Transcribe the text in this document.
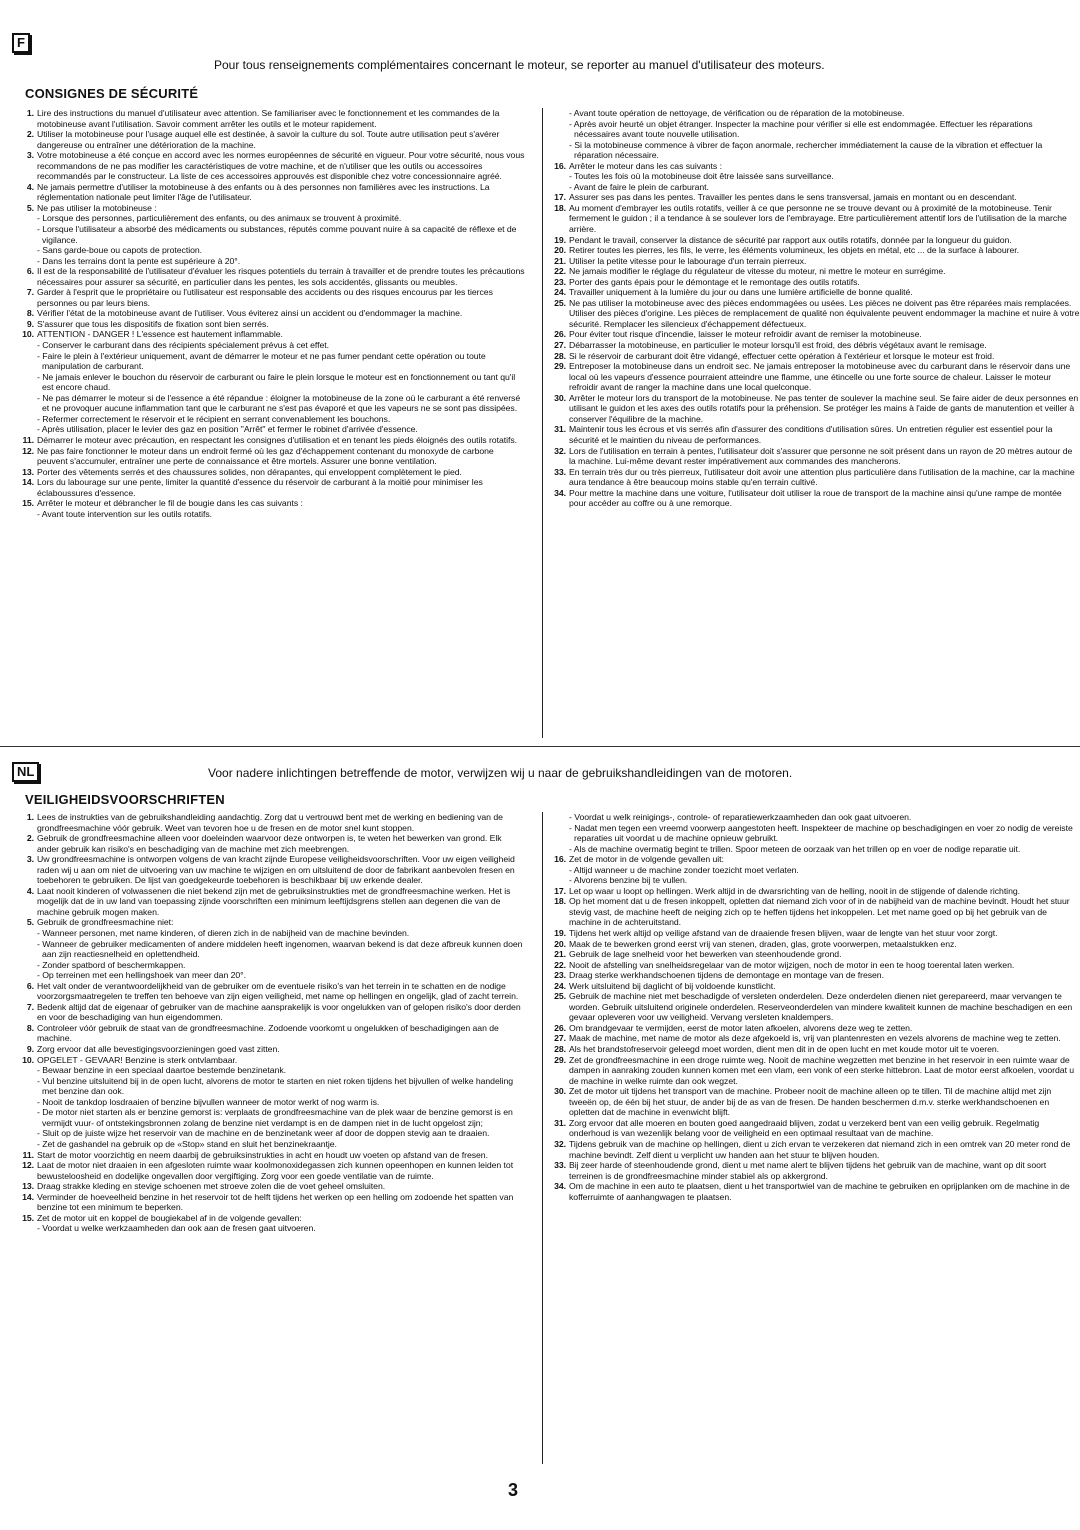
F
Pour tous renseignements complémentaires concernant le moteur, se reporter au manuel d'utilisateur des moteurs.
CONSIGNES DE SÉCURITÉ
1. Lire des instructions du manuel d'utilisateur avec attention. Se familiariser avec le fonctionnement et les commandes de la motobineuse avant l'utilisation. Savoir comment arrêter les outils et le moteur rapidement.
2. Utiliser la motobineuse pour l'usage auquel elle est destinée, à savoir la culture du sol. Toute autre utilisation peut s'avérer dangereuse ou entraîner une détérioration de la machine.
3. Votre motobineuse a été conçue en accord avec les normes européennes de sécurité en vigueur. Pour votre sécurité, nous vous recommandons de ne pas modifier les caractéristiques de votre machine, et de n'utiliser que les outils ou accessoires recommandés par le constructeur. La liste de ces accessoires approuvés est disponible chez votre concessionnaire agréé.
4. Ne jamais permettre d'utiliser la motobineuse à des enfants ou à des personnes non familières avec les instructions. La réglementation nationale peut limiter l'âge de l'utilisateur.
5. Ne pas utiliser la motobineuse :
- Lorsque des personnes, particulièrement des enfants, ou des animaux se trouvent à proximité.
- Lorsque l'utilisateur a absorbé des médicaments ou substances, réputés comme pouvant nuire à sa capacité de réflexe et de vigilance.
- Sans garde-boue ou capots de protection.
- Dans les terrains dont la pente est supérieure à 20°.
6. Il est de la responsabilité de l'utilisateur d'évaluer les risques potentiels du terrain à travailler et de prendre toutes les précautions nécessaires pour assurer sa sécurité, en particulier dans les pentes, les sols accidentés, glissants ou meubles.
7. Garder à l'esprit que le propriétaire ou l'utilisateur est responsable des accidents ou des risques encourus par les tierces personnes ou par leurs biens.
8. Vérifier l'état de la motobineuse avant de l'utiliser. Vous éviterez ainsi un accident ou d'endommager la machine.
9. S'assurer que tous les dispositifs de fixation sont bien serrés.
10. ATTENTION - DANGER ! L'essence est hautement inflammable.
- Conserver le carburant dans des récipients spécialement prévus à cet effet.
- Faire le plein à l'extérieur uniquement, avant de démarrer le moteur et ne pas fumer pendant cette opération ou toute manipulation de carburant.
- Ne jamais enlever le bouchon du réservoir de carburant ou faire le plein lorsque le moteur est en fonctionnement ou tant qu'il est encore chaud.
- Ne pas démarrer le moteur si de l'essence a été répandue : éloigner la motobineuse de la zone où le carburant a été renversé et ne provoquer aucune inflammation tant que le carburant ne s'est pas évaporé et que les vapeurs ne se sont pas dissipées.
- Refermer correctement le réservoir et le récipient en serrant convenablement les bouchons.
- Après utilisation, placer le levier des gaz en position "Arrêt" et fermer le robinet d'arrivée d'essence.
11. Démarrer le moteur avec précaution, en respectant les consignes d'utilisation et en tenant les pieds éloignés des outils rotatifs.
12. Ne pas faire fonctionner le moteur dans un endroit fermé où les gaz d'échappement contenant du monoxyde de carbone peuvent s'accumuler, entraîner une perte de connaissance et être mortels. Assurer une bonne ventilation.
13. Porter des vêtements serrés et des chaussures solides, non dérapantes, qui enveloppent complètement le pied.
14. Lors du labourage sur une pente, limiter la quantité d'essence du réservoir de carburant à la moitié pour minimiser les éclaboussures d'essence.
15. Arrêter le moteur et débrancher le fil de bougie dans les cas suivants :
- Avant toute intervention sur les outils rotatifs.
- Avant toute opération de nettoyage, de vérification ou de réparation de la motobineuse.
- Après avoir heurté un objet étranger. Inspecter la machine pour vérifier si elle est endommagée. Effectuer les réparations nécessaires avant toute nouvelle utilisation.
- Si la motobineuse commence à vibrer de façon anormale, rechercher immédiatement la cause de la vibration et effectuer la réparation nécessaire.
16. Arrêter le moteur dans les cas suivants :
- Toutes les fois où la motobineuse doit être laissée sans surveillance.
- Avant de faire le plein de carburant.
17. Assurer ses pas dans les pentes. Travailler les pentes dans le sens transversal, jamais en montant ou en descendant.
18. Au moment d'embrayer les outils rotatifs, veiller à ce que personne ne se trouve devant ou à proximité de la motobineuse. Tenir fermement le guidon ; il a tendance à se soulever lors de l'embrayage. Etre particulièrement attentif lors de l'utilisation de la marche arrière.
19. Pendant le travail, conserver la distance de sécurité par rapport aux outils rotatifs, donnée par la longueur du guidon.
20. Retirer toutes les pierres, les fils, le verre, les éléments volumineux, les objets en métal, etc ... de la surface à labourer.
21. Utiliser la petite vitesse pour le labourage d'un terrain pierreux.
22. Ne jamais modifier le réglage du régulateur de vitesse du moteur, ni mettre le moteur en surrégime.
23. Porter des gants épais pour le démontage et le remontage des outils rotatifs.
24. Travailler uniquement à la lumière du jour ou dans une lumière artificielle de bonne qualité.
25. Ne pas utiliser la motobineuse avec des pièces endommagées ou usées. Les pièces ne doivent pas être réparées mais remplacées. Utiliser des pièces d'origine. Les pièces de remplacement de qualité non équivalente peuvent endommager la machine et nuire à votre sécurité. Remplacer les silencieux d'échappement défectueux.
26. Pour éviter tout risque d'incendie, laisser le moteur refroidir avant de remiser la motobineuse.
27. Débarrasser la motobineuse, en particulier le moteur lorsqu'il est froid, des débris végétaux avant le remisage.
28. Si le réservoir de carburant doit être vidangé, effectuer cette opération à l'extérieur et lorsque le moteur est froid.
29. Entreposer la motobineuse dans un endroit sec. Ne jamais entreposer la motobineuse avec du carburant dans le réservoir dans une local où les vapeurs d'essence pourraient atteindre une flamme, une étincelle ou une forte source de chaleur. Laisser le moteur refroidir avant de ranger la machine dans une local quelconque.
30. Arrêter le moteur lors du transport de la motobineuse. Ne pas tenter de soulever la machine seul. Se faire aider de deux personnes en utilisant le guidon et les axes des outils rotatifs pour la préhension. Se protéger les mains à l'aide de gants de manutention et veiller à conserver l'équilibre de la machine.
31. Maintenir tous les écrous et vis serrés afin d'assurer des conditions d'utilisation sûres. Un entretien régulier est essentiel pour la sécurité et le maintien du niveau de performances.
32. Lors de l'utilisation en terrain à pentes, l'utilisateur doit s'assurer que personne ne soit présent dans un rayon de 20 mètres autour de la machine. Lui-même devant rester impérativement aux commandes des mancherons.
33. En terrain très dur ou très pierreux, l'utilisateur doit avoir une attention plus particulière dans l'utilisation de la machine, car la machine aura tendance à être beaucoup moins stable qu'en terrain cultivé.
34. Pour mettre la machine dans une voiture, l'utilisateur doit utiliser la roue de transport de la machine ainsi qu'une rampe de montée pour accéder au coffre ou à une remorque.
NL	Voor nadere inlichtingen betreffende de motor, verwijzen wij u naar de gebruikshandleidingen van de motoren.
VEILIGHEIDSVOORSCHRIFTEN
1. Lees de instrukties van de gebruikshandleiding aandachtig. Zorg dat u vertrouwd bent met de werking en bediening van de grondfreesmachine vóór gebruik. Weet van tevoren hoe u de fresen en de motor snel kunt stoppen.
2. Gebruik de grondfreesmachine alleen voor doeleinden waarvoor deze ontworpen is, te weten het bewerken van grond. Elk ander gebruik kan risiko's en beschadiging van de machine met zich meebrengen.
3. Uw grondfreesmachine is ontworpen volgens de van kracht zijnde Europese veiligheidsvoorschriften. Voor uw eigen veiligheid raden wij u aan om niet de uitvoering van uw machine te wijzigen en om uitsluitend de door de fabrikant aanbevolen fresen en toebehoren te gebruiken. De lijst van goedgekeurde toebehoren is beschikbaar bij uw erkende dealer.
4. Laat nooit kinderen of volwassenen die niet bekend zijn met de gebruiksinstrukties met de grondfreesmachine werken. Het is mogelijk dat de in uw land van toepassing zijnde voorschriften een minimum leeftijdsgrens stellen aan degenen die van de machine gebruik mogen maken.
5. Gebruik de grondfreesmachine niet:
- Wanneer personen, met name kinderen, of dieren zich in de nabijheid van de machine bevinden.
- Wanneer de gebruiker medicamenten of andere middelen heeft ingenomen, waarvan bekend is dat deze afbreuk kunnen doen aan zijn reactiesnelheid en oplettendheid.
- Zonder spatbord of beschermkappen.
- Op terreinen met een hellingshoek van meer dan 20°.
6. Het valt onder de verantwoordelijkheid van de gebruiker om de eventuele risiko's van het terrein in te schatten en de nodige voorzorgsmaatregelen te treffen ten behoeve van zijn eigen veiligheid, met name op hellingen en ongelijk, glad of zacht terrein.
7. Bedenk altijd dat de eigenaar of gebruiker van de machine aansprakelijk is voor ongelukken van of gelopen risiko's door derden en voor de beschadiging van hun eigendommen.
8. Controleer vóór gebruik de staat van de grondfreesmachine. Zodoende voorkomt u ongelukken of beschadigingen aan de machine.
9. Zorg ervoor dat alle bevestigingsvoorzieningen goed vast zitten.
10. OPGELET - GEVAAR! Benzine is sterk ontvlambaar.
- Bewaar benzine in een speciaal daartoe bestemde benzinetank.
- Vul benzine uitsluitend bij in de open lucht, alvorens de motor te starten en niet roken tijdens het bijvullen of welke handeling met benzine dan ook.
- Nooit de tankdop losdraaien of benzine bijvullen wanneer de motor werkt of nog warm is.
- De motor niet starten als er benzine gemorst is: verplaats de grondfreesmachine van de plek waar de benzine gemorst is en vermijdt vuur- of ontstekingsbronnen zolang de benzine niet verdampt is en de dampen niet in de lucht opgelost zijn;
- Sluit op de juiste wijze het reservoir van de machine en de benzinetank weer af door de doppen stevig aan te draaien.
- Zet de gashandel na gebruik op de «Stop» stand en sluit het benzinekraantje.
11. Start de motor voorzichtig en neem daarbij de gebruiksinstrukties in acht en houdt uw voeten op afstand van de fresen.
12. Laat de motor niet draaien in een afgesloten ruimte waar koolmonoxidegassen zich kunnen opeenhopen en kunnen leiden tot bewusteloosheid en dodelijke ongevallen door vergiftiging. Zorg voor een goede ventilatie van de ruimte.
13. Draag strakke kleding en stevige schoenen met stroeve zolen die de voet geheel omsluiten.
14. Verminder de hoeveelheid benzine in het reservoir tot de helft tijdens het werken op een helling om zodoende het spatten van benzine tot een minimum te beperken.
15. Zet de motor uit en koppel de bougiekabel af in de volgende gevallen:
- Voordat u welke werkzaamheden dan ook aan de fresen gaat uitvoeren.
- Voordat u welk reinigings-, controle- of reparatiewerkzaamheden dan ook gaat uitvoeren.
- Nadat men tegen een vreemd voorwerp aangestoten heeft. Inspekteer de machine op beschadigingen en voer zo nodig de vereiste reparaties uit voordat u de machine opnieuw gebruikt.
- Als de machine overmatig begint te trillen. Spoor meteen de oorzaak van het trillen op en voer de nodige reparatie uit.
16. Zet de motor in de volgende gevallen uit:
- Altijd wanneer u de machine zonder toezicht moet verlaten.
- Alvorens benzine bij te vullen.
17. Let op waar u loopt op hellingen. Werk altijd in de dwarsrichting van de helling, nooit in de stijgende of dalende richting.
18. Op het moment dat u de fresen inkoppelt, opletten dat niemand zich voor of in de nabijheid van de machine bevindt. Houdt het stuur stevig vast, de machine heeft de neiging zich op te heffen tijdens het inkoppelen. Let met name goed op bij het gebruik van de machine in de achteruitstand.
19. Tijdens het werk altijd op veilige afstand van de draaiende fresen blijven, waar de lengte van het stuur voor zorgt.
20. Maak de te bewerken grond eerst vrij van stenen, draden, glas, grote voorwerpen, metaalstukken enz.
21. Gebruik de lage snelheid voor het bewerken van steenhoudende grond.
22. Nooit de afstelling van snelheidsregelaar van de motor wijzigen, noch de motor in een te hoog toerental laten werken.
23. Draag sterke werkhandschoenen tijdens de demontage en montage van de fresen.
24. Werk uitsluitend bij daglicht of bij voldoende kunstlicht.
25. Gebruik de machine niet met beschadigde of versleten onderdelen. Deze onderdelen dienen niet gerepareerd, maar vervangen te worden. Gebruik uitsluitend originele onderdelen. Reserveonderdelen van mindere kwaliteit kunnen de machine beschadigen en een gevaar opleveren voor uw veiligheid. Vervang versleten knaldempers.
26. Om brandgevaar te vermijden, eerst de motor laten afkoelen, alvorens deze weg te zetten.
27. Maak de machine, met name de motor als deze afgekoeld is, vrij van plantenresten en vezels alvorens de machine weg te zetten.
28. Als het brandstofreservoir geleegd moet worden, dient men dit in de open lucht en met koude motor uit te voeren.
29. Zet de grondfreesmachine in een droge ruimte weg. Nooit de machine wegzetten met benzine in het reservoir in een ruimte waar de dampen in aanraking zouden kunnen komen met een vlam, een vonk of een sterke hittebron. Laat de motor eerst afkoelen, voordat u de machine in welke ruimte dan ook wegzet.
30. Zet de motor uit tijdens het transport van de machine. Probeer nooit de machine alleen op te tillen. Til de machine altijd met zijn tweeën op, de één bij het stuur, de ander bij de as van de fresen. De handen beschermen d.m.v. sterke werkhandschoenen en opletten dat de machine in evenwicht blijft.
31. Zorg ervoor dat alle moeren en bouten goed aangedraaid blijven, zodat u verzekerd bent van een veilig gebruik. Regelmatig onderhoud is van wezenlijk belang voor de veiligheid en een optimaal resultaat van de machine.
32. Tijdens gebruik van de machine op hellingen, dient u zich ervan te verzekeren dat niemand zich in een omtrek van 20 meter rond de machine bevindt. Zelf dient u verplicht uw handen aan het stuur te blijven houden.
33. Bij zeer harde of steenhoudende grond, dient u met name alert te blijven tijdens het gebruik van de machine, want op dit soort terreinen is de grondfreesmachine minder stabiel als op akkergrond.
34. Om de machine in een auto te plaatsen, dient u het transportwiel van de machine te gebruiken en oprijplanken om de machine in de kofferruimte of aanhangwagen te plaatsen.
3
